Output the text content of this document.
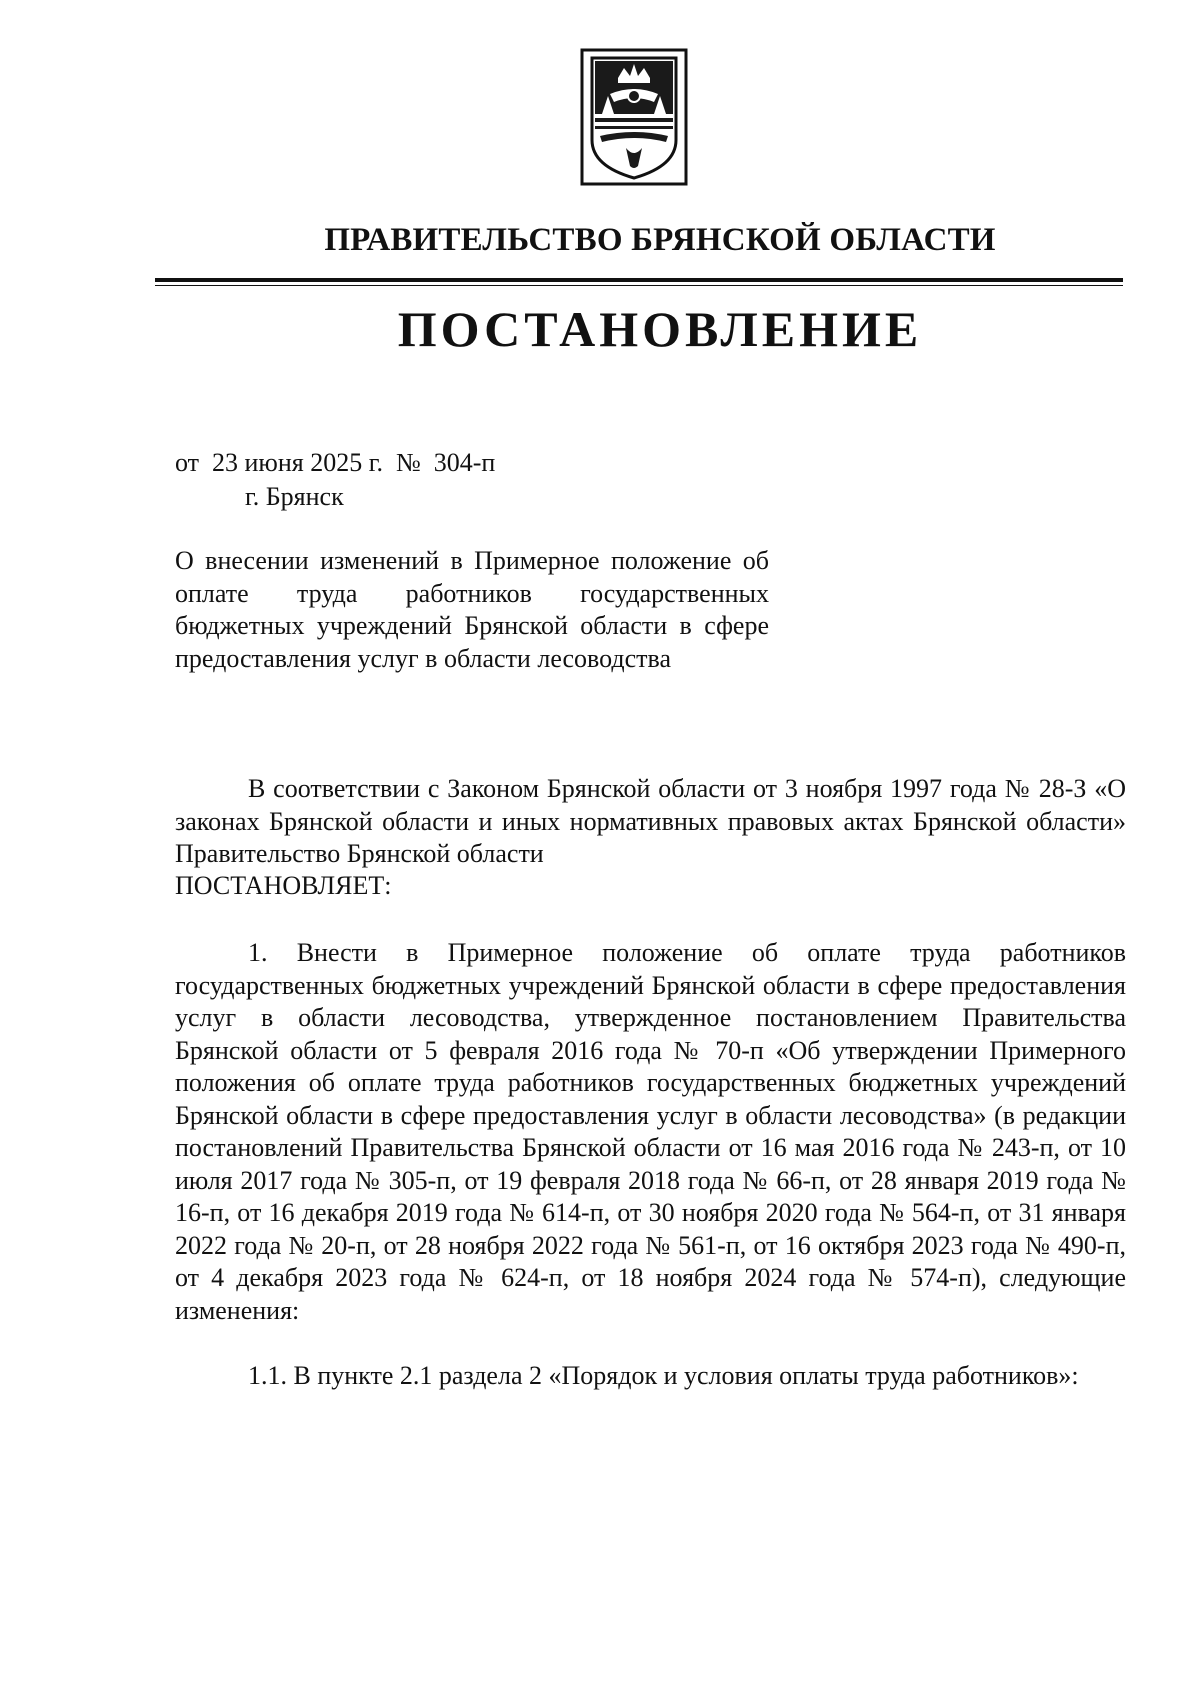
ПРАВИТЕЛЬСТВО БРЯНСКОЙ ОБЛАСТИ
ПОСТАНОВЛЕНИЕ
от  23 июня 2025 г.  №  304-п
г. Брянск
О внесении изменений в Примерное положение об оплате труда работников государственных бюджетных учреждений Брянской области в сфере предоставления услуг в области лесоводства
В соответствии с Законом Брянской области от 3 ноября 1997 года № 28-З «О законах Брянской области и иных нормативных правовых актах Брянской области» Правительство Брянской области
ПОСТАНОВЛЯЕТ:
1. Внести в Примерное положение об оплате труда работников государственных бюджетных учреждений Брянской области в сфере предоставления услуг в области лесоводства, утвержденное постановлением Правительства Брянской области от 5 февраля 2016 года № 70-п «Об утверждении Примерного положения об оплате труда работников государственных бюджетных учреждений Брянской области в сфере предоставления услуг в области лесоводства» (в редакции постановлений Правительства Брянской области от 16 мая 2016 года № 243-п, от 10 июля 2017 года № 305-п, от 19 февраля 2018 года № 66-п, от 28 января 2019 года № 16-п, от 16 декабря 2019 года № 614-п, от 30 ноября 2020 года № 564-п, от 31 января 2022 года № 20-п, от 28 ноября 2022 года № 561-п, от 16 октября 2023 года № 490-п, от 4 декабря 2023 года № 624-п, от 18 ноября 2024 года № 574-п), следующие изменения:
1.1. В пункте 2.1 раздела 2 «Порядок и условия оплаты труда работников»:
